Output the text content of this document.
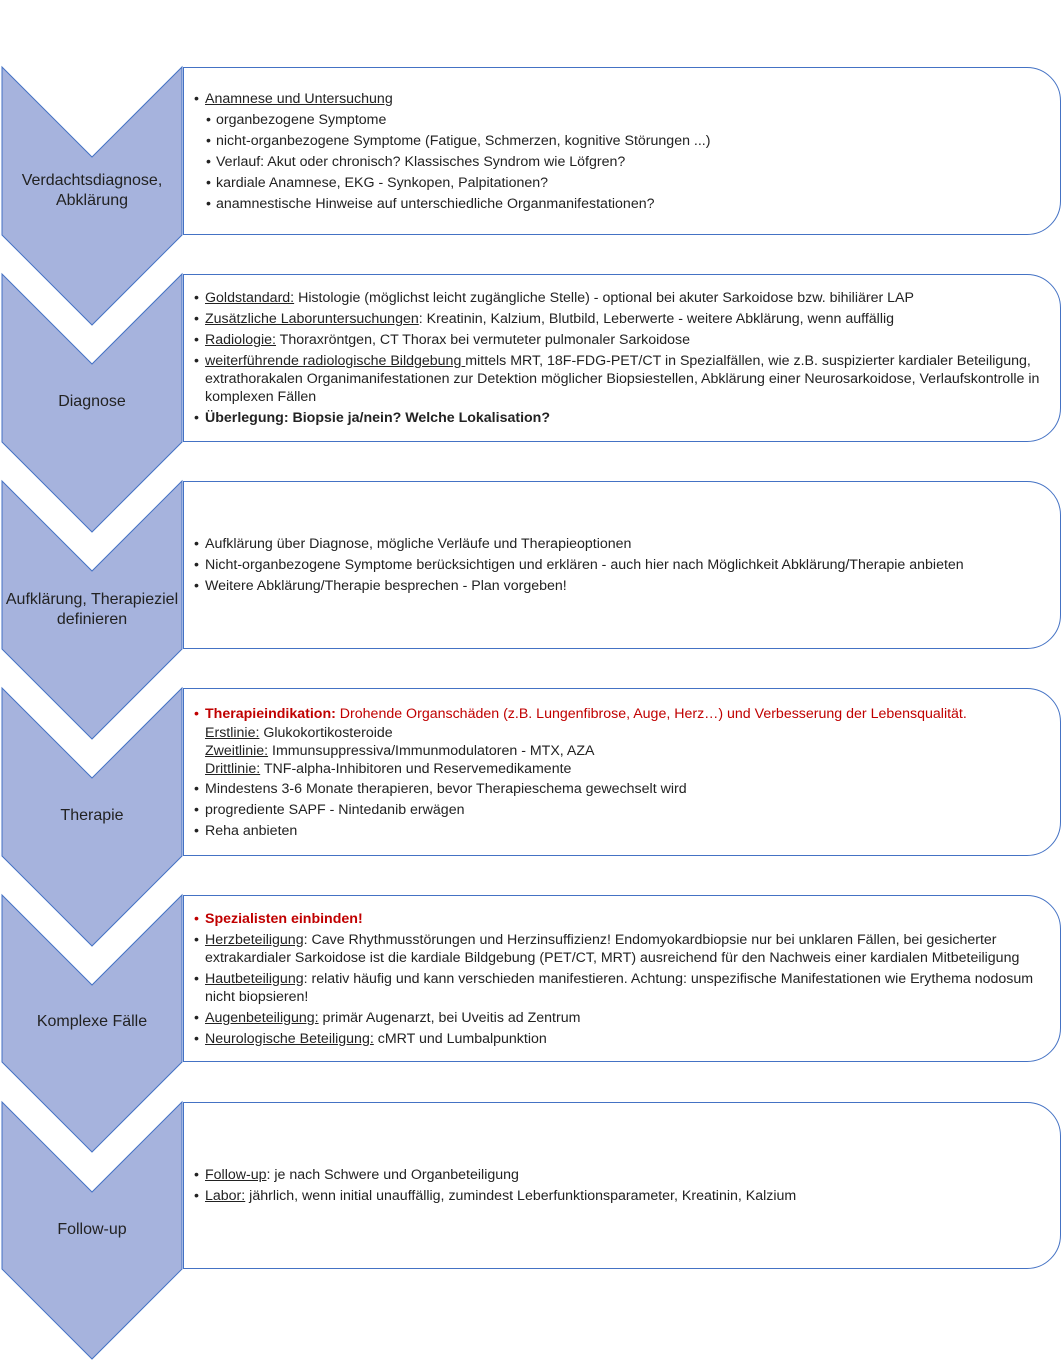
Verdachtsdiagnose, Abklärung
• Anamnese und Untersuchung
• organbezogene Symptome
• nicht-organbezogene Symptome (Fatigue, Schmerzen, kognitive Störungen ...)
• Verlauf: Akut oder chronisch? Klassisches Syndrom wie Löfgren?
• kardiale Anamnese, EKG - Synkopen, Palpitationen?
• anamnestische Hinweise auf unterschiedliche Organmanifestationen?
Diagnose
• Goldstandard: Histologie (möglichst leicht zugängliche Stelle) - optional bei akuter Sarkoidose bzw. bihiliärer LAP
• Zusätzliche Laboruntersuchungen: Kreatinin, Kalzium, Blutbild, Leberwerte - weitere Abklärung, wenn auffällig
• Radiologie: Thoraxröntgen, CT Thorax bei vermuteter pulmonaler Sarkoidose
• weiterführende radiologische Bildgebung mittels MRT, 18F-FDG-PET/CT in Spezialfällen, wie z.B. suspizierter kardialer Beteiligung, extrathorakalen Organimanifestationen zur Detektion möglicher Biopsiestellen, Abklärung einer Neurosarkoidose, Verlaufskontrolle in komplexen Fällen
• Überlegung: Biopsie ja/nein? Welche Lokalisation?
Aufklärung, Therapieziel definieren
• Aufklärung über Diagnose, mögliche Verläufe und Therapieoptionen
• Nicht-organbezogene Symptome berücksichtigen und erklären - auch hier nach Möglichkeit Abklärung/Therapie anbieten
• Weitere Abklärung/Therapie besprechen - Plan vorgeben!
Therapie
• Therapieindikation: Drohende Organschäden (z.B. Lungenfibrose, Auge, Herz…) und Verbesserung der Lebensqualität.
Erstlinie: Glukokortikosteroide
Zweitlinie: Immunsuppressiva/Immunmodulatoren - MTX, AZA
Drittlinie: TNF-alpha-Inhibitoren und Reservemedikamente
• Mindestens 3-6 Monate therapieren, bevor Therapieschema gewechselt wird
• progrediente SAPF - Nintedanib erwägen
• Reha anbieten
Komplexe Fälle
• Spezialisten einbinden!
• Herzbeteiligung: Cave Rhythmusstörungen und Herzinsuffizienz! Endomyokardbiopsie nur bei unklaren Fällen, bei gesicherter extrakardialer Sarkoidose ist die kardiale Bildgebung (PET/CT, MRT) ausreichend für den Nachweis einer kardialen Mitbeteiligung
• Hautbeteiligung: relativ häufig und kann verschieden manifestieren. Achtung: unspezifische Manifestationen wie Erythema nodosum nicht biopsieren!
• Augenbeteiligung: primär Augenarzt, bei Uveitis ad Zentrum
• Neurologische Beteiligung: cMRT und Lumbalpunktion
Follow-up
• Follow-up: je nach Schwere und Organbeteiligung
• Labor: jährlich, wenn initial unauffällig, zumindest Leberfunktionsparameter, Kreatinin, Kalzium
